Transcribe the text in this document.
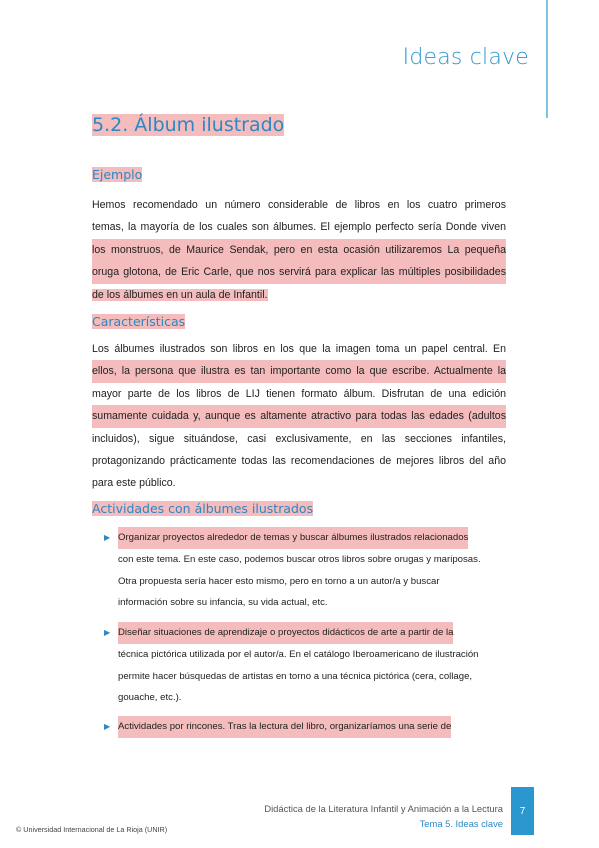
Ideas clave
5.2. Álbum ilustrado
Ejemplo
Hemos recomendado un número considerable de libros en los cuatro primeros
temas, la mayoría de los cuales son álbumes. El ejemplo perfecto sería Donde viven
los monstruos, de Maurice Sendak, pero en esta ocasión utilizaremos La pequeña
oruga glotona, de Eric Carle, que nos servirá para explicar las múltiples posibilidades
de los álbumes en un aula de Infantil.
Características
Los álbumes ilustrados son libros en los que la imagen toma un papel central. En
ellos, la persona que ilustra es tan importante como la que escribe. Actualmente la
mayor parte de los libros de LIJ tienen formato álbum. Disfrutan de una edición
sumamente cuidada y, aunque es altamente atractivo para todas las edades (adultos
incluidos), sigue situándose, casi exclusivamente, en las secciones infantiles,
protagonizando prácticamente todas las recomendaciones de mejores libros del año
para este público.
Actividades con álbumes ilustrados
▶ Organizar proyectos alrededor de temas y buscar álbumes ilustrados relacionados
con este tema. En este caso, podemos buscar otros libros sobre orugas y mariposas.
Otra propuesta sería hacer esto mismo, pero en torno a un autor/a y buscar
información sobre su infancia, su vida actual, etc.
▶ Diseñar situaciones de aprendizaje o proyectos didácticos de arte a partir de la
técnica pictórica utilizada por el autor/a. En el catálogo Iberoamericano de ilustración
permite hacer búsquedas de artistas en torno a una técnica pictórica (cera, collage,
gouache, etc.).
▶ Actividades por rincones. Tras la lectura del libro, organizaríamos una serie de
Didáctica de la Literatura Infantil y Animación a la Lectura
Tema 5. Ideas clave
7
© Universidad Internacional de La Rioja (UNIR)
